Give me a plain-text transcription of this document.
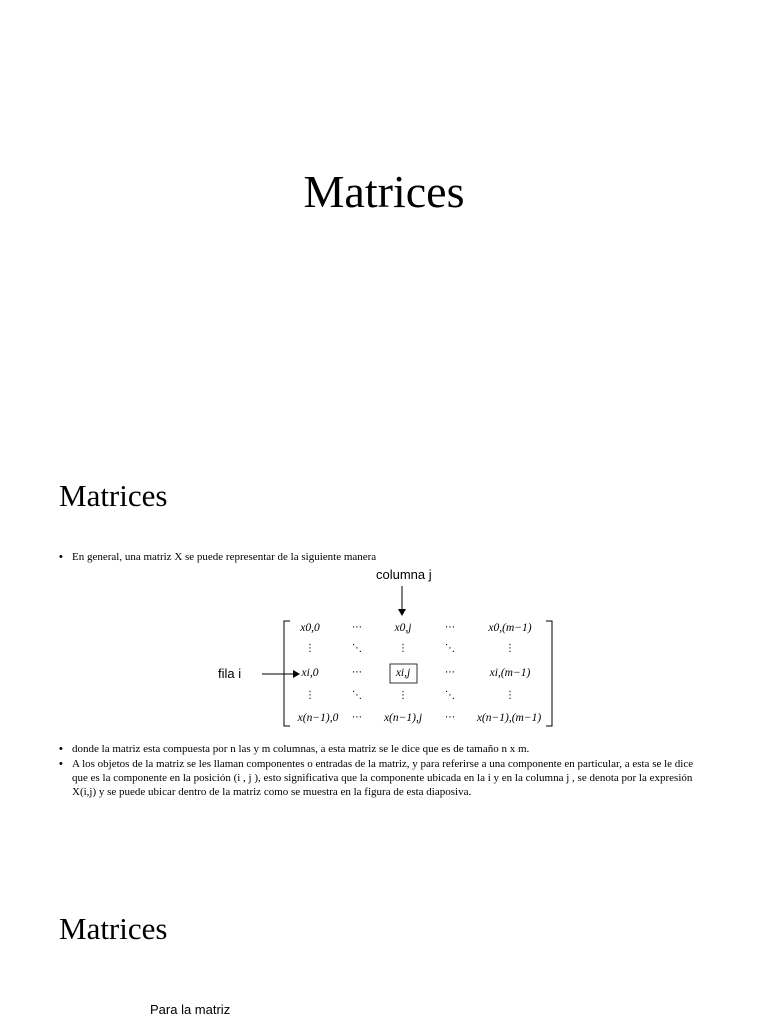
Matrices
Matrices
• En general, una matriz X se puede representar de la siguiente manera
columna j
fila i
x0,0	⋯	x0,j	⋯	x0,(m−1)
⋮	⋱	⋮	⋱	⋮
xi,0	⋯	xi,j	⋯	xi,(m−1)
⋮	⋱	⋮	⋱	⋮
x(n−1),0 ⋯ x(n−1),j ⋯ x(n−1),(m−1)
• donde la matriz esta compuesta por n las y m columnas, a esta matriz se le dice que es de tamaño n x m.
• A los objetos de la matriz se les llaman componentes o entradas de la matriz, y para referirse a una componente en particular, a esta se le dice que es la componente en la posición (i , j ), esto significativa que la componente ubicada en la i y en la columna j , se denota por la expresión X(i,j) y se puede ubicar dentro de la matriz como se muestra en la figura de esta diaposiva.
Matrices
Para la matriz
